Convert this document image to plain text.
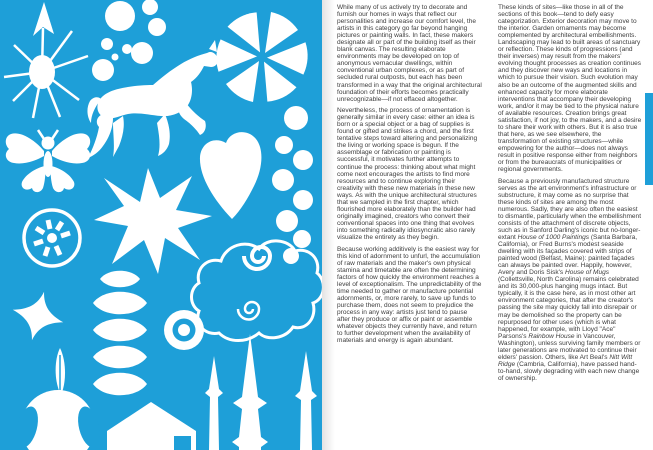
While many of us actively try to decorate and furnish our homes in ways that reflect our personalities and increase our comfort level, the artists in this category go far beyond hanging pictures or painting walls. In fact, these makers designate all or part of the building itself as their blank canvas. The resulting elaborate environments may be developed on top of anonymous vernacular dwellings, within conventional urban complexes, or as part of secluded rural outposts, but each has been transformed in a way that the original architectural foundation of their efforts becomes practically unrecognizable—if not effaced altogether.

Nevertheless, the process of ornamentation is generally similar in every case: either an idea is born or a special object or a bag of supplies is found or gifted and strikes a chord, and the first tentative steps toward altering and personalizing the living or working space is begun. If the assemblage or fabrication or painting is successful, it motivates further attempts to continue the process: thinking about what might come next encourages the artists to find more resources and to continue exploring their creativity with these new materials in these new ways. As with the unique architectural structures that we sampled in the first chapter, which flourished more elaborately than the builder had originally imagined, creators who convert their conventional spaces into one thing that evolves into something radically idiosyncratic also rarely visualize the entirety as they begin.

Because working additively is the easiest way for this kind of adornment to unfurl, the accumulation of raw materials and the maker's own physical stamina and timetable are often the determining factors of how quickly the environment reaches a level of exceptionalism. The unpredictability of the time needed to gather or manufacture potential adornments, or, more rarely, to save up funds to purchase them, does not seem to prejudice the process in any way: artists just tend to pause after they produce or affix or paint or assemble whatever objects they currently have, and return to further development when the availability of materials and energy is again abundant.

These kinds of sites—like those in all of the sections of this book—tend to defy easy categorization. Exterior decoration may move to the interior. Garden ornaments may become complemented by architectural embellishments. Landscaping may lead to built areas of sanctuary or reflection. These kinds of progressions (and their inverses) may result from the makers' evolving thought processes as creation continues and they discover new ways and locations in which to pursue their vision. Such evolution may also be an outcome of the augmented skills and enhanced capacity for more elaborate interventions that accompany their developing work, and/or it may be tied to the physical nature of available resources. Creation brings great satisfaction, if not joy, to the makers, and a desire to share their work with others. But it is also true that here, as we see elsewhere, the transformation of existing structures—while empowering for the author—does not always result in positive response either from neighbors or from the bureaucrats of municipalities or regional governments.

Because a previously manufactured structure serves as the art environment's infrastructure or substructure, it may come as no surprise that these kinds of sites are among the most numerous. Sadly, they are also often the easiest to dismantle, particularly when the embellishment consists of the attachment of discrete objects, such as in Sanford Darling's iconic but no-longer-extant House of 1000 Paintings (Santa Barbara, California), or Fred Burns's modest seaside dwelling with its façades covered with strips of painted wood (Belfast, Maine): painted façades can always be painted over. Happily, however, Avery and Doris Sisk's House of Mugs (Collettsville, North Carolina) remains celebrated and its 30,000-plus hanging mugs intact. But typically, it is the case here, as in most other art environment categories, that after the creator's passing the site may quickly fall into disrepair or may be demolished so the property can be repurposed for other uses (which is what happened, for example, with Lloyd "Ace" Parsons's Rainbow House in Vancouver, Washington), unless surviving family members or later generations are motivated to continue their elders' passion. Others, like Art Beal's Nitt Witt Ridge (Cambria, California), have passed hand-to-hand, slowly degrading with each new change of ownership.
